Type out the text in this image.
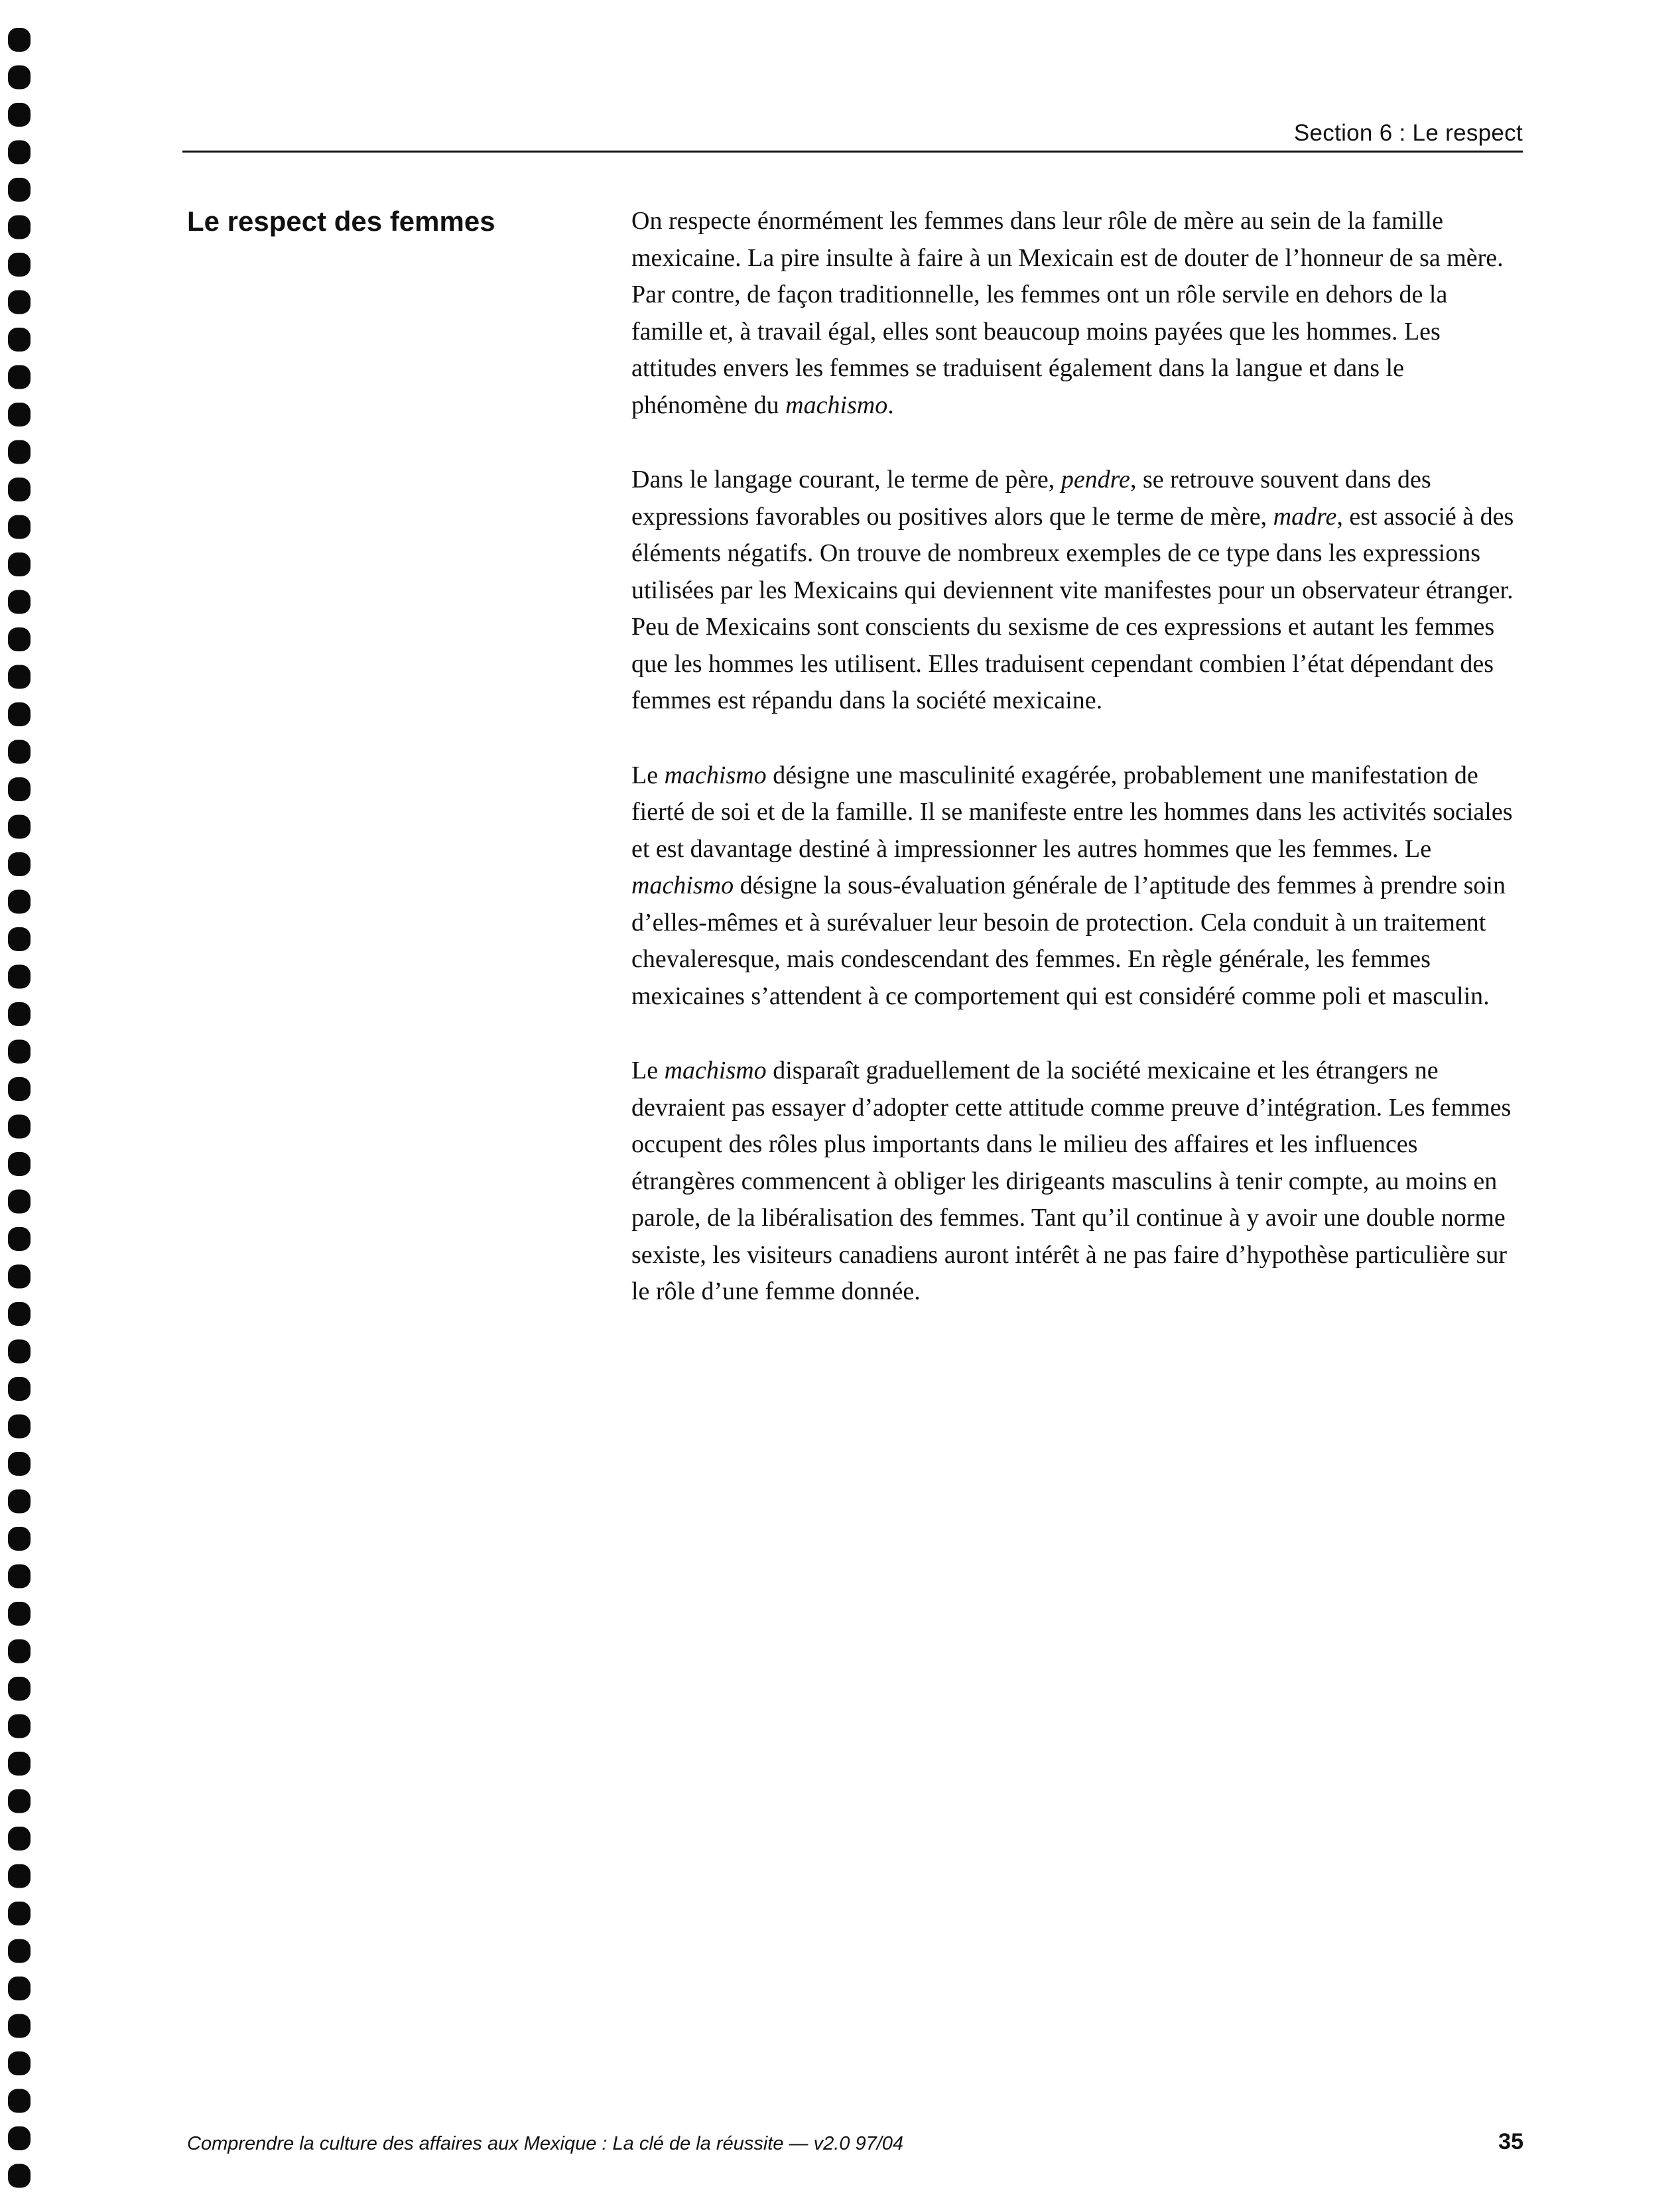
Section 6 : Le respect
Le respect des femmes	On respecte énormément les femmes dans leur rôle de mère au sein de la famille mexicaine. La pire insulte à faire à un Mexicain est de douter de l’honneur de sa mère. Par contre, de façon traditionnelle, les femmes ont un rôle servile en dehors de la famille et, à travail égal, elles sont beaucoup moins payées que les hommes. Les attitudes envers les femmes se traduisent également dans la langue et dans le phénomène du machismo.

Dans le langage courant, le terme de père, pendre, se retrouve souvent dans des expressions favorables ou positives alors que le terme de mère, madre, est associé à des éléments négatifs. On trouve de nombreux exemples de ce type dans les expressions utilisées par les Mexicains qui deviennent vite manifestes pour un observateur étranger. Peu de Mexicains sont conscients du sexisme de ces expressions et autant les femmes que les hommes les utilisent. Elles traduisent cependant combien l’état dépendant des femmes est répandu dans la société mexicaine.

Le machismo désigne une masculinité exagérée, probablement une manifestation de fierté de soi et de la famille. Il se manifeste entre les hommes dans les activités sociales et est davantage destiné à impressionner les autres hommes que les femmes. Le machismo désigne la sous-évaluation générale de l’aptitude des femmes à prendre soin d’elles-mêmes et à surévaluer leur besoin de protection. Cela conduit à un traitement chevaleresque, mais condescendant des femmes. En règle générale, les femmes mexicaines s’attendent à ce comportement qui est considéré comme poli et masculin.

Le machismo disparaît graduellement de la société mexicaine et les étrangers ne devraient pas essayer d’adopter cette attitude comme preuve d’intégration. Les femmes occupent des rôles plus importants dans le milieu des affaires et les influences étrangères commencent à obliger les dirigeants masculins à tenir compte, au moins en parole, de la libéralisation des femmes. Tant qu’il continue à y avoir une double norme sexiste, les visiteurs canadiens auront intérêt à ne pas faire d’hypothèse particulière sur le rôle d’une femme donnée.

Comprendre la culture des affaires aux Mexique : La clé de la réussite — v2.0 97/04	35
